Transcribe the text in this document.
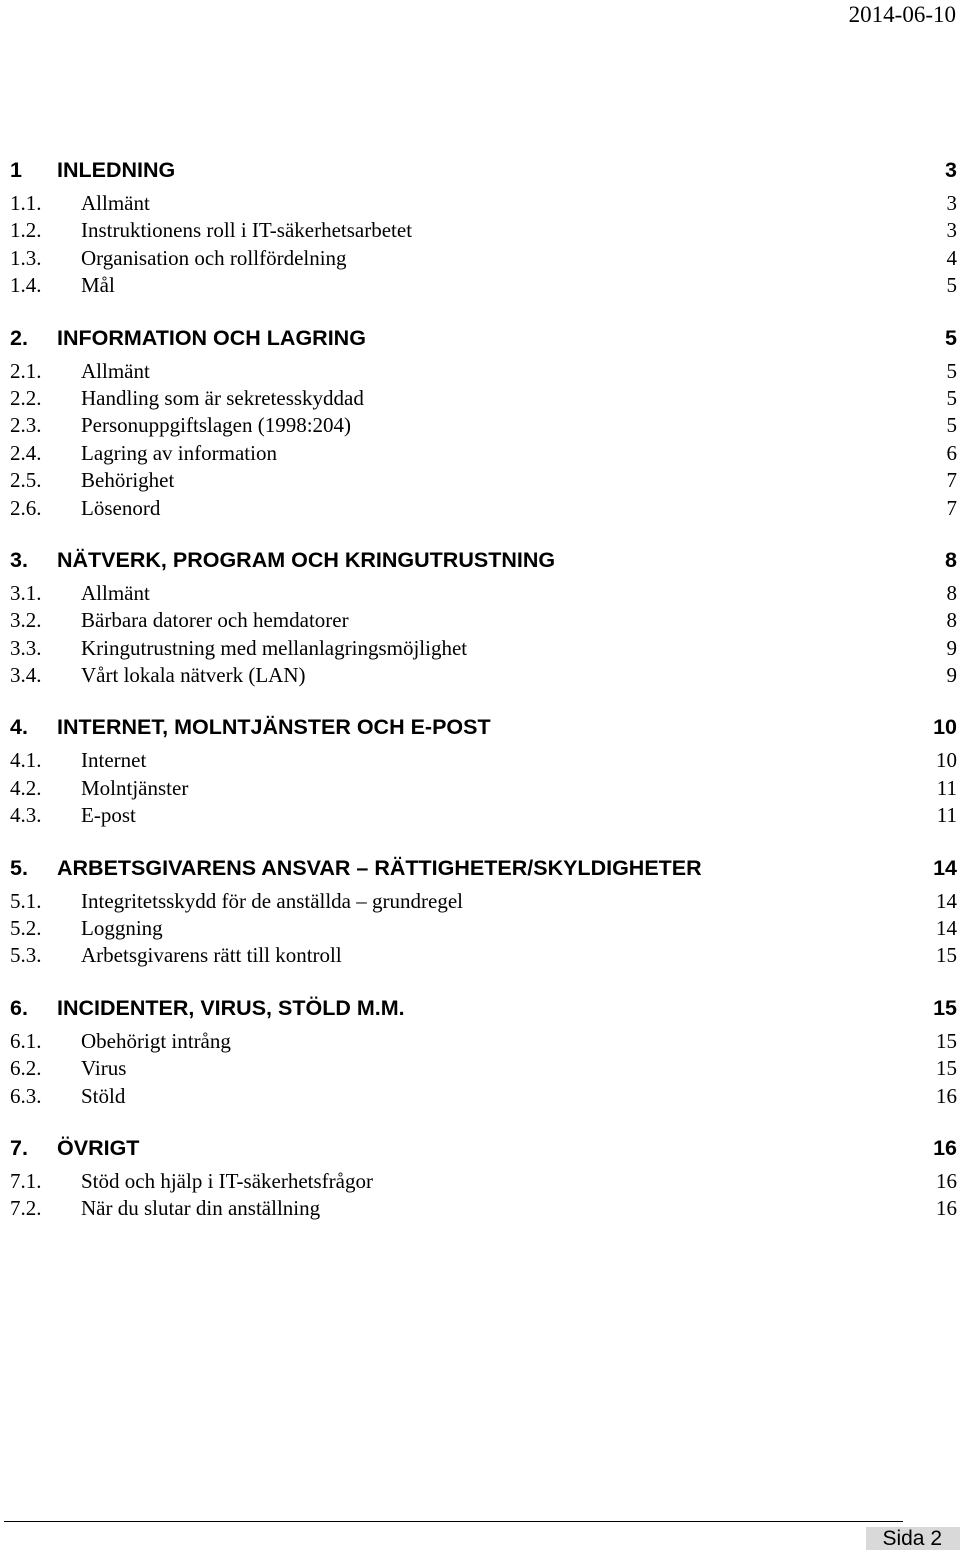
2014-06-10
1 INLEDNING	3
1.1. Allmänt	3
1.2. Instruktionens roll i IT-säkerhetsarbetet	3
1.3. Organisation och rollfördelning	4
1.4. Mål	5
2. INFORMATION OCH LAGRING	5
2.1. Allmänt	5
2.2. Handling som är sekretesskyddad	5
2.3. Personuppgiftslagen (1998:204)	5
2.4. Lagring av information	6
2.5. Behörighet	7
2.6. Lösenord	7
3. NÄTVERK, PROGRAM OCH KRINGUTRUSTNING	8
3.1. Allmänt	8
3.2. Bärbara datorer och hemdatorer	8
3.3. Kringutrustning med mellanlagringsmöjlighet	9
3.4. Vårt lokala nätverk (LAN)	9
4. INTERNET, MOLNTJÄNSTER OCH E-POST	10
4.1. Internet	10
4.2. Molntjänster	11
4.3. E-post	11
5. ARBETSGIVARENS ANSVAR – RÄTTIGHETER/SKYLDIGHETER	14
5.1. Integritetsskydd för de anställda – grundregel	14
5.2. Loggning	14
5.3. Arbetsgivarens rätt till kontroll	15
6. INCIDENTER, VIRUS, STÖLD M.M.	15
6.1. Obehörigt intrång	15
6.2. Virus	15
6.3. Stöld	16
7. ÖVRIGT	16
7.1. Stöd och hjälp i IT-säkerhetsfrågor	16
7.2. När du slutar din anställning	16
Sida 2
